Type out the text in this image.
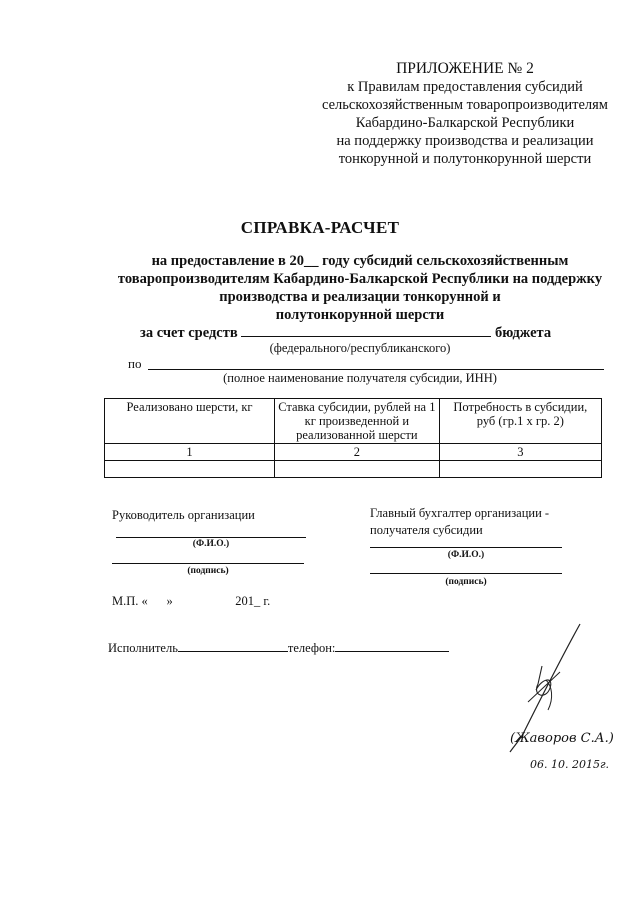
ПРИЛОЖЕНИЕ № 2
к Правилам предоставления субсидий
сельскохозяйственным товаропроизводителям
Кабардино-Балкарской Республики
на поддержку производства и реализации
тонкорунной и полутонкорунной шерсти
СПРАВКА-РАСЧЕТ
на предоставление в 20__ году субсидий сельскохозяйственным
товаропроизводителям Кабардино-Балкарской Республики на поддержку
производства и реализации тонкорунной и
полутонкорунной шерсти
за счет средств	бюджета
(федерального/республиканского)
по
(полное наименование получателя субсидии, ИНН)
Реализовано шерсти, кг	Ставка субсидии, рублей на 1 кг произведенной и реализованной шерсти	Потребность в субсидии, руб (гр.1 х гр. 2)
1	2	3

Руководитель организации
(Ф.И.О.)
(подпись)
Главный бухгалтер организации -
получателя субсидии
(Ф.И.О.)
(подпись)
М.П. «      »                    201_ г.
Исполнитель	телефон:
(Жаворов С.А.)
06. 10. 2015г.
